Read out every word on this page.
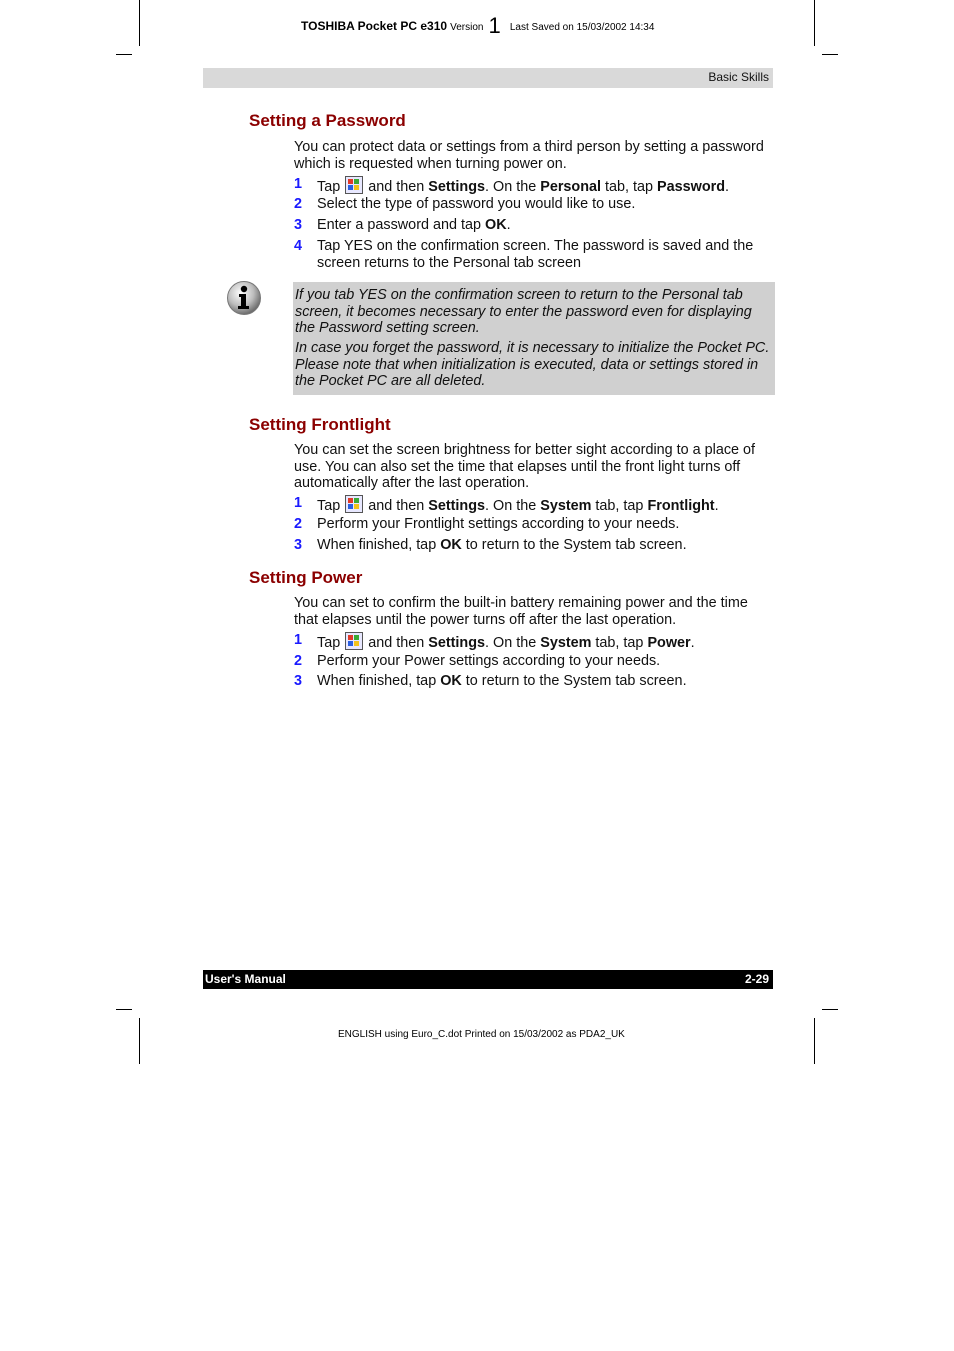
TOSHIBA Pocket PC e310 Version 1 Last Saved on 15/03/2002 14:34
Basic Skills
Setting a Password
You can protect data or settings from a third person by setting a password which is requested when turning power on.
1 Tap and then Settings. On the Personal tab, tap Password.
2 Select the type of password you would like to use.
3 Enter a password and tap OK.
4 Tap YES on the confirmation screen. The password is saved and the screen returns to the Personal tab screen

If you tab YES on the confirmation screen to return to the Personal tab screen, it becomes necessary to enter the password even for displaying the Password setting screen.

In case you forget the password, it is necessary to initialize the Pocket PC. Please note that when initialization is executed, data or settings stored in the Pocket PC are all deleted.

Setting Frontlight
You can set the screen brightness for better sight according to a place of use. You can also set the time that elapses until the front light turns off automatically after the last operation.
1 Tap and then Settings. On the System tab, tap Frontlight.
2 Perform your Frontlight settings according to your needs.
3 When finished, tap OK to return to the System tab screen.
Setting Power
You can set to confirm the built-in battery remaining power and the time that elapses until the power turns off after the last operation.
1 Tap and then Settings. On the System tab, tap Power.
2 Perform your Power settings according to your needs.
3 When finished, tap OK to return to the System tab screen.
User's Manual	2-29
ENGLISH using Euro_C.dot Printed on 15/03/2002 as PDA2_UK
